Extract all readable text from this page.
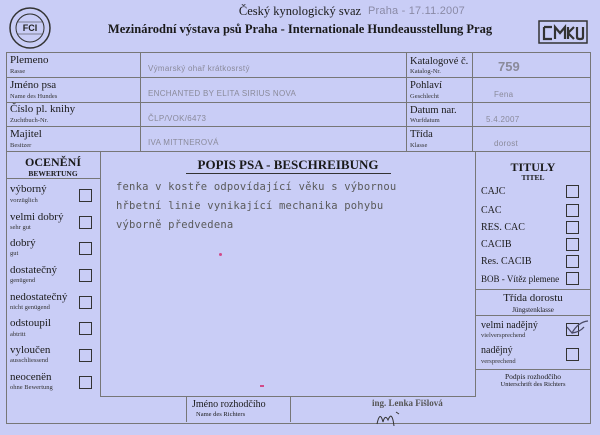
FCI
Český kynologický svaz Praha - 17.11.2007
Mezinárodní výstava psů Praha - Internationale Hundeausstellung Prag
ČMKU
Plemeno
Rasse	Výmarský ohař krátkosrstý
Jméno psa
Name des Hundes	ENCHANTED BY ELITA SIRIUS NOVA
Číslo pl. knihy
Zuchtbuch-Nr.	ČLP/VOK/6473
Majitel
Besitzer	IVA MITTNEROVÁ
Katalogové č.
Katalog-Nr.	759
Pohlaví
Geschlecht	Fena
Datum nar.
Wurfdatum	5.4.2007
Třída
Klasse	dorost
OCENĚNÍ
BEWERTUNG
výborný
vorzüglich
velmi dobrý
sehr gut
dobrý
gut
dostatečný
genügend
nedostatečný
nicht genügend
odstoupil
abtritt
vyloučen
ausschliessend
neocenën
ohne Bewertung
POPIS PSA - BESCHREIBUNG
fenka v kostře odpovídající věku s výbornou
hřbetní linie vynikající mechanika pohybu
výborně předvedena
TITULY
TITEL
CAJC
CAC
RES. CAC
CACIB
Res. CACIB
BOB - Vítěz plemene
Třída dorostu
Jüngstenklasse
velmi nadějný
vielversprechend
nadějný
versprechend
Podpis rozhodčího
Unterschrift des Richters
Jméno rozhodčího
Name des Richters
ing. Lenka Fišlová
